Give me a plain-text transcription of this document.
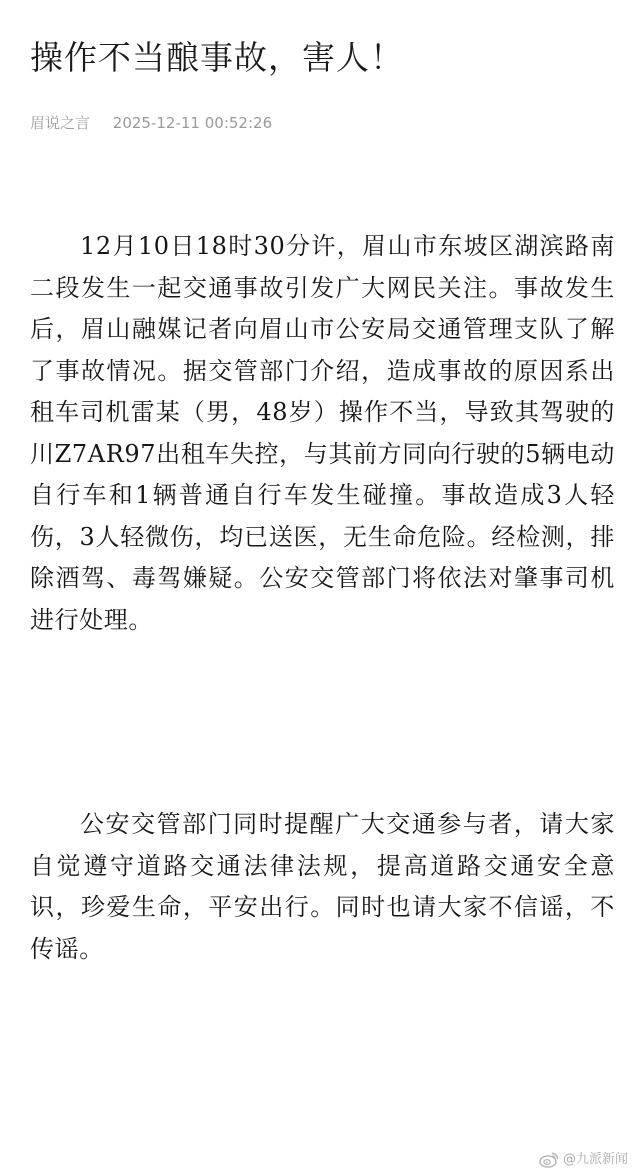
操作不当酿事故，害人！
眉说之言 2025-12-11 00:52:26

12月10日18时30分许，眉山市东坡区湖滨路南二段发生一起交通事故引发广大网民关注。事故发生后，眉山融媒记者向眉山市公安局交通管理支队了解了事故情况。据交管部门介绍，造成事故的原因系出租车司机雷某（男，48岁）操作不当，导致其驾驶的川Z7AR97出租车失控，与其前方同向行驶的5辆电动自行车和1辆普通自行车发生碰撞。事故造成3人轻伤，3人轻微伤，均已送医，无生命危险。经检测，排除酒驾、毒驾嫌疑。公安交管部门将依法对肇事司机进行处理。

公安交管部门同时提醒广大交通参与者，请大家自觉遵守道路交通法律法规，提高道路交通安全意识，珍爱生命，平安出行。同时也请大家不信谣，不传谣。

@九派新闻
